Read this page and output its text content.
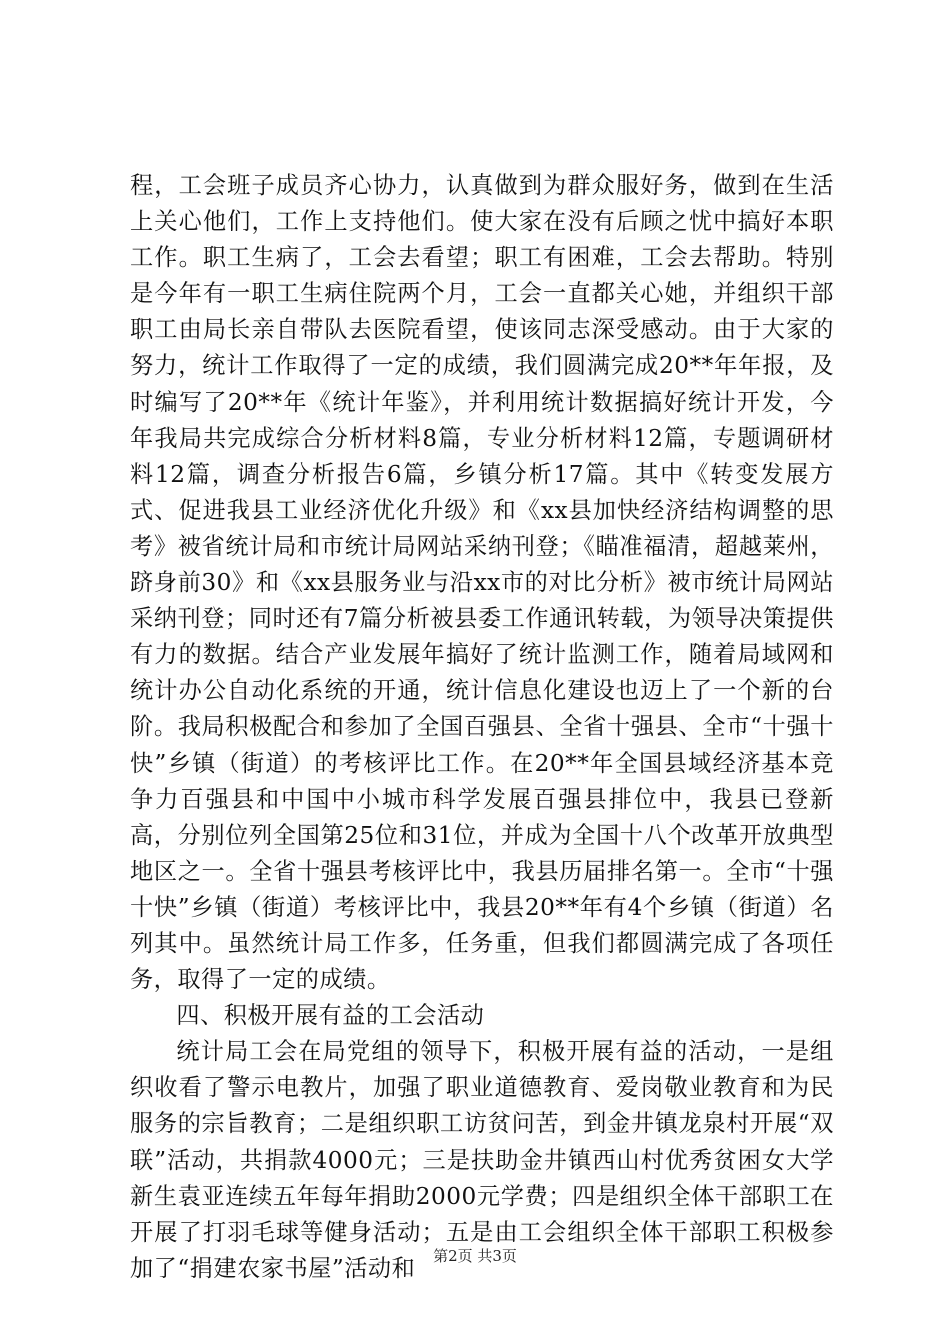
程，工会班子成员齐心协力，认真做到为群众服好务，做到在生活上关心他们，工作上支持他们。使大家在没有后顾之忧中搞好本职工作。职工生病了，工会去看望；职工有困难，工会去帮助。特别是今年有一职工生病住院两个月，工会一直都关心她，并组织干部职工由局长亲自带队去医院看望，使该同志深受感动。由于大家的努力，统计工作取得了一定的成绩，我们圆满完成20**年年报，及时编写了20**年《统计年鉴》，并利用统计数据搞好统计开发，今年我局共完成综合分析材料8篇，专业分析材料12篇，专题调研材料12篇，调查分析报告6篇，乡镇分析17篇。其中《转变发展方式、促进我县工业经济优化升级》和《xx县加快经济结构调整的思考》被省统计局和市统计局网站采纳刊登；《瞄准福清，超越莱州，跻身前30》和《xx县服务业与沿xx市的对比分析》被市统计局网站采纳刊登；同时还有7篇分析被县委工作通讯转载，为领导决策提供有力的数据。结合产业发展年搞好了统计监测工作，随着局域网和统计办公自动化系统的开通，统计信息化建设也迈上了一个新的台阶。我局积极配合和参加了全国百强县、全省十强县、全市“十强十快”乡镇（街道）的考核评比工作。在20**年全国县域经济基本竞争力百强县和中国中小城市科学发展百强县排位中，我县已登新高，分别位列全国第25位和31位，并成为全国十八个改革开放典型地区之一。全省十强县考核评比中，我县历届排名第一。全市“十强十快”乡镇（街道）考核评比中，我县20**年有4个乡镇（街道）名列其中。虽然统计局工作多，任务重，但我们都圆满完成了各项任务，取得了一定的成绩。

四、积极开展有益的工会活动

统计局工会在局党组的领导下，积极开展有益的活动，一是组织收看了警示电教片，加强了职业道德教育、爱岗敬业教育和为民服务的宗旨教育；二是组织职工访贫问苦，到金井镇龙泉村开展“双联”活动，共捐款4000元；三是扶助金井镇西山村优秀贫困女大学新生袁亚连续五年每年捐助2000元学费；四是组织全体干部职工在开展了打羽毛球等健身活动；五是由工会组织全体干部职工积极参加了“捐建农家书屋”活动和	第2页 共3页
